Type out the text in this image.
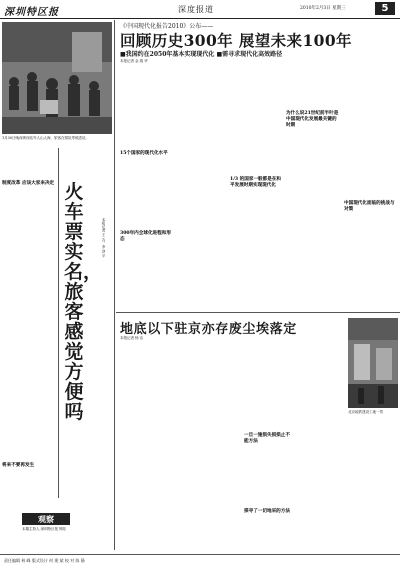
深圳特区报	深度报道	2010年2月3日 星期三	5
1月30日晚深圳西站外人山人海，旅客在排队等候进站。
火车票实名，旅客感觉方便吗
本报记者 王 吉、李 剑 平
制度改革 应该大家来决定
将来不要再发生
观察
本期主持人 深圳特区报 网站
《中国现代化报告2010》公布——
回顾历史300年 展望未来100年
■我国约在2050年基本实现现代化 ■需寻求现代化高效路径
本报记者 金 瑞 华
15个国家的现代化水平
300年内全球化进程和形态
1/3 的国家一般都是在和平发展时期实现现代化
为什么说21世纪前半叶是中国现代化发展最关键的时期
中国现代化面临的挑战与对策
地底以下驻京亦存废尘埃落定
本报记者 杨 洁
一旦一施损失损损止不能方法
探寻了一切地采的方法
北京地铁建设工地一景
责任编辑 林 峰 版式设计 何 建 斌 校 对 陈 静
